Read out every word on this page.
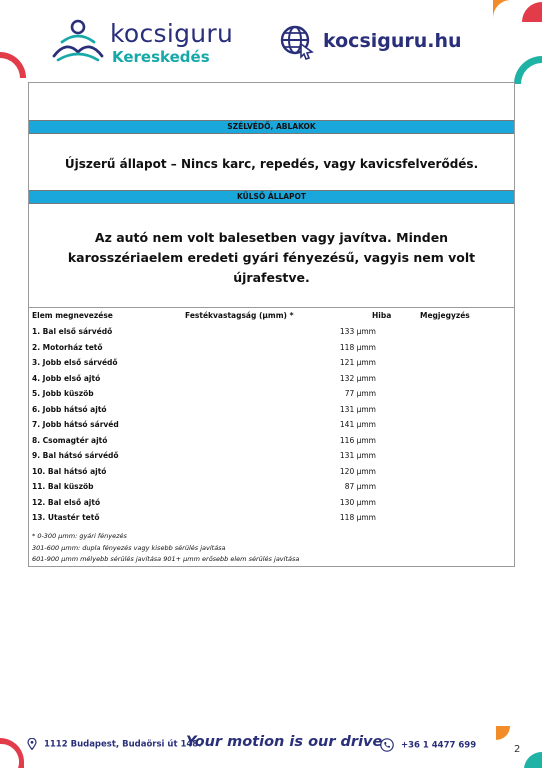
kocsiguru
Kereskedés
kocsiguru.hu
SZÉLVÉDŐ, ABLAKOK
Újszerű állapot – Nincs karc, repedés, vagy kavicsfelverődés.
KÜLSŐ ÁLLAPOT
Az autó nem volt balesetben vagy javítva. Minden karosszériaelem eredeti gyári fényezésű, vagyis nem volt újrafestve.
Elem megnevezése	Festékvastagság (μmm) *	Hiba	Megjegyzés
1. Bal első sárvédő	133 μmm
2. Motorház tető	118 μmm
3. Jobb első sárvédő	121 μmm
4. Jobb első ajtó	132 μmm
5. Jobb küszöb	77 μmm
6. Jobb hátsó ajtó	131 μmm
7. Jobb hátsó sárvéd	141 μmm
8. Csomagtér ajtó	116 μmm
9. Bal hátsó sárvédő	131 μmm
10. Bal hátsó ajtó	120 μmm
11. Bal küszöb	87 μmm
12. Bal első ajtó	130 μmm
13. Utastér tető	118 μmm
* 0-300 μmm: gyári fényezés
301-600 μmm: dupla fényezés vagy kisebb sérülés javítása
601-900 μmm mélyebb sérülés javítása 901+ μmm erősebb elem sérülés javítása
1112 Budapest, Budaörsi út 148.
Your motion is our drive	+36 1 4477 699	2
